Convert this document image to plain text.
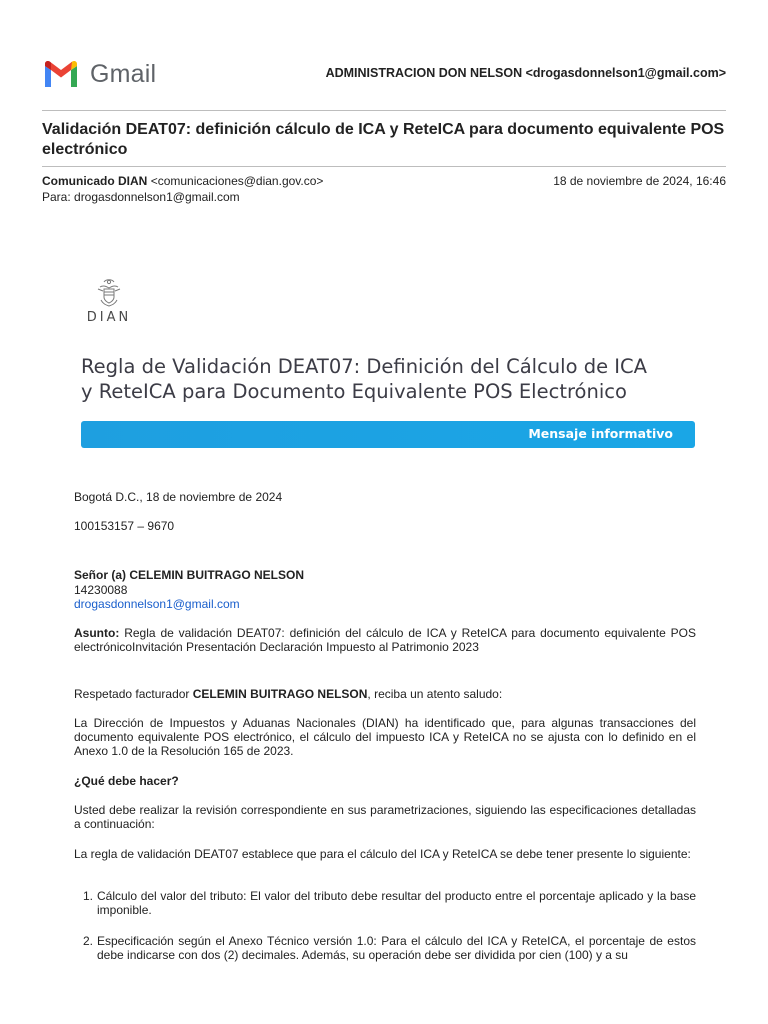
Gmail	ADMINISTRACION DON NELSON <drogasdonnelson1@gmail.com>
Validación DEAT07: definición cálculo de ICA y ReteICA para documento equivalente POS electrónico
Comunicado DIAN <comunicaciones@dian.gov.co>	18 de noviembre de 2024, 16:46
Para: drogasdonnelson1@gmail.com
DIAN
Regla de Validación DEAT07: Definición del Cálculo de ICA
y ReteICA para Documento Equivalente POS Electrónico
Mensaje informativo

Bogotá D.C., 18 de noviembre de 2024

100153157 – 9670

Señor (a) CELEMIN BUITRAGO NELSON

14230088

drogasdonnelson1@gmail.com

Asunto: Regla de validación DEAT07: definición del cálculo de ICA y ReteICA para documento equivalente POS electrónicoInvitación Presentación Declaración Impuesto al Patrimonio 2023

Respetado facturador CELEMIN BUITRAGO NELSON, reciba un atento saludo:

La Dirección de Impuestos y Aduanas Nacionales (DIAN) ha identificado que, para algunas transacciones del documento equivalente POS electrónico, el cálculo del impuesto ICA y ReteICA no se ajusta con lo definido en el Anexo 1.0 de la Resolución 165 de 2023.

¿Qué debe hacer?

Usted debe realizar la revisión correspondiente en sus parametrizaciones, siguiendo las especificaciones detalladas a continuación:

La regla de validación DEAT07 establece que para el cálculo del ICA y ReteICA se debe tener presente lo siguiente:

1. Cálculo del valor del tributo: El valor del tributo debe resultar del producto entre el porcentaje aplicado y la base imponible.
2. Especificación según el Anexo Técnico versión 1.0: Para el cálculo del ICA y ReteICA, el porcentaje de estos debe indicarse con dos (2) decimales. Además, su operación debe ser dividida por cien (100) y a su
